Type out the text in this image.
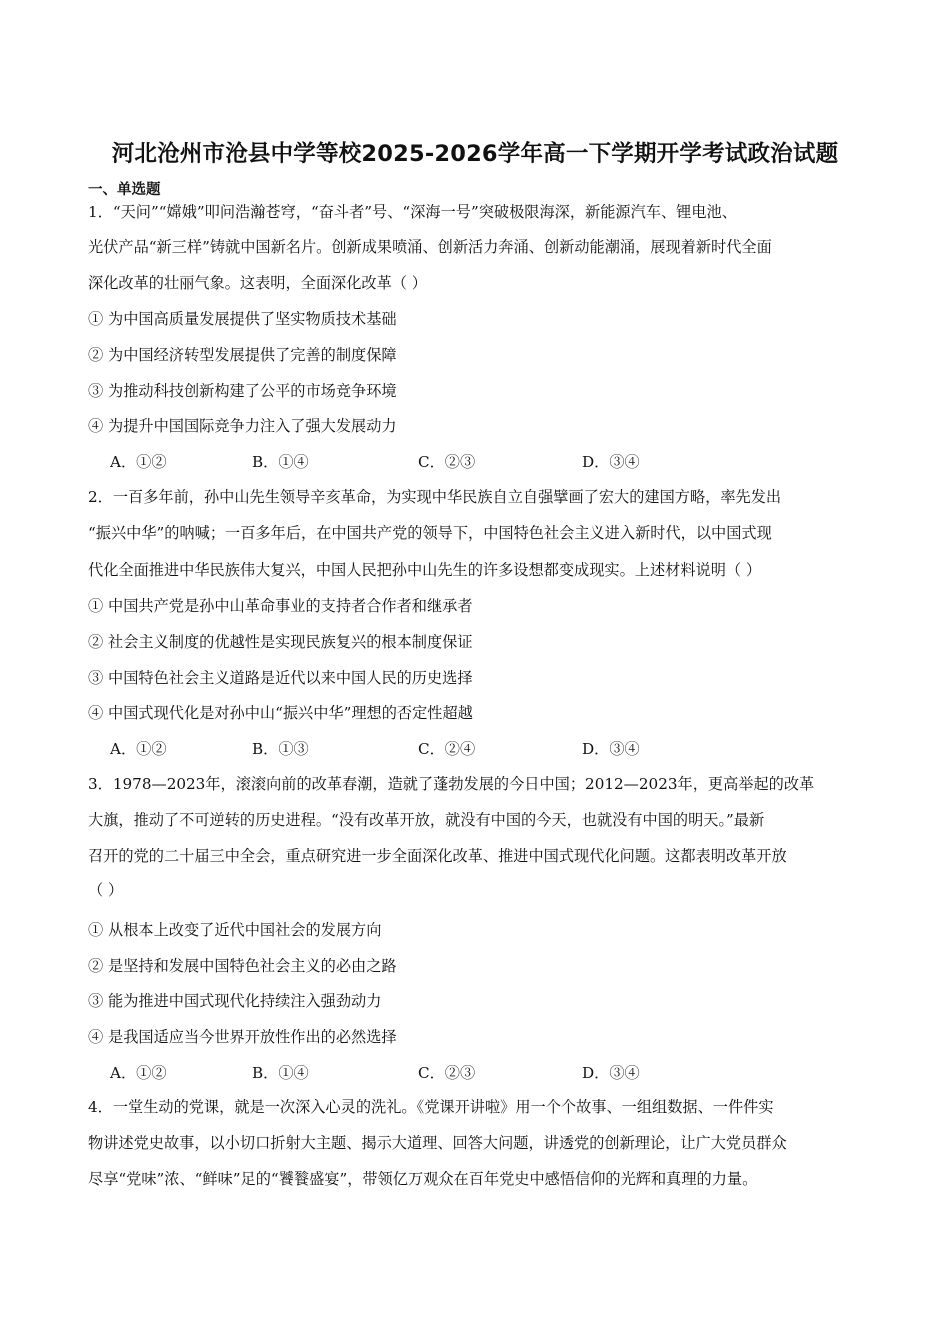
河北沧州市沧县中学等校2025-2026学年高一下学期开学考试政治试题
一、单选题
1．“天问”“嫦娥”叩问浩瀚苍穹，“奋斗者”号、“深海一号”突破极限海深，新能源汽车、锂电池、
光伏产品“新三样”铸就中国新名片。创新成果喷涌、创新活力奔涌、创新动能潮涌，展现着新时代全面
深化改革的壮丽气象。这表明，全面深化改革（ ）
① 为中国高质量发展提供了坚实物质技术基础
② 为中国经济转型发展提供了完善的制度保障
③ 为推动科技创新构建了公平的市场竞争环境
④ 为提升中国国际竞争力注入了强大发展动力
A．①②	B．①④	C．②③	D．③④
2．一百多年前，孙中山先生领导辛亥革命，为实现中华民族自立自强擘画了宏大的建国方略，率先发出
“振兴中华”的呐喊；一百多年后，在中国共产党的领导下，中国特色社会主义进入新时代，以中国式现
代化全面推进中华民族伟大复兴，中国人民把孙中山先生的许多设想都变成现实。上述材料说明（ ）
① 中国共产党是孙中山革命事业的支持者合作者和继承者
② 社会主义制度的优越性是实现民族复兴的根本制度保证
③ 中国特色社会主义道路是近代以来中国人民的历史选择
④ 中国式现代化是对孙中山“振兴中华”理想的否定性超越
A．①②	B．①③	C．②④	D．③④
3．1978—2023年，滚滚向前的改革春潮，造就了蓬勃发展的今日中国；2012—2023年，更高举起的改革
大旗，推动了不可逆转的历史进程。“没有改革开放，就没有中国的今天，也就没有中国的明天。”最新
召开的党的二十届三中全会，重点研究进一步全面深化改革、推进中国式现代化问题。这都表明改革开放
（ ）
① 从根本上改变了近代中国社会的发展方向
② 是坚持和发展中国特色社会主义的必由之路
③ 能为推进中国式现代化持续注入强劲动力
④ 是我国适应当今世界开放性作出的必然选择
A．①②	B．①④	C．②③	D．③④
4．一堂生动的党课，就是一次深入心灵的洗礼。《党课开讲啦》用一个个故事、一组组数据、一件件实
物讲述党史故事，以小切口折射大主题、揭示大道理、回答大问题，讲透党的创新理论，让广大党员群众
尽享“党味”浓、“鲜味”足的“饕餮盛宴”，带领亿万观众在百年党史中感悟信仰的光辉和真理的力量。
